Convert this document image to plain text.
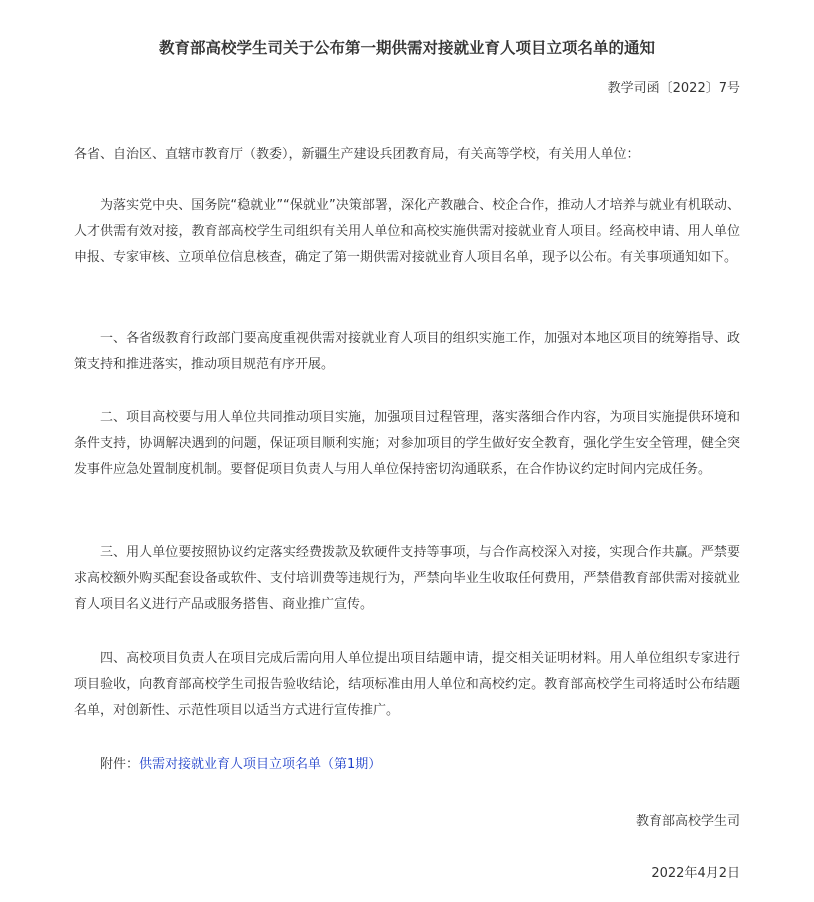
教育部高校学生司关于公布第一期供需对接就业育人项目立项名单的通知
教学司函〔2022〕7号
各省、自治区、直辖市教育厅（教委），新疆生产建设兵团教育局，有关高等学校，有关用人单位：
为落实党中央、国务院“稳就业”“保就业”决策部署，深化产教融合、校企合作，推动人才培养与就业有机联动、人才供需有效对接，教育部高校学生司组织有关用人单位和高校实施供需对接就业育人项目。经高校申请、用人单位申报、专家审核、立项单位信息核查，确定了第一期供需对接就业育人项目名单，现予以公布。有关事项通知如下。
一、各省级教育行政部门要高度重视供需对接就业育人项目的组织实施工作，加强对本地区项目的统筹指导、政策支持和推进落实，推动项目规范有序开展。
二、项目高校要与用人单位共同推动项目实施，加强项目过程管理，落实落细合作内容，为项目实施提供环境和条件支持，协调解决遇到的问题，保证项目顺利实施；对参加项目的学生做好安全教育，强化学生安全管理，健全突发事件应急处置制度机制。要督促项目负责人与用人单位保持密切沟通联系，在合作协议约定时间内完成任务。
三、用人单位要按照协议约定落实经费拨款及软硬件支持等事项，与合作高校深入对接，实现合作共赢。严禁要求高校额外购买配套设备或软件、支付培训费等违规行为，严禁向毕业生收取任何费用，严禁借教育部供需对接就业育人项目名义进行产品或服务搭售、商业推广宣传。
四、高校项目负责人在项目完成后需向用人单位提出项目结题申请，提交相关证明材料。用人单位组织专家进行项目验收，向教育部高校学生司报告验收结论，结项标准由用人单位和高校约定。教育部高校学生司将适时公布结题名单，对创新性、示范性项目以适当方式进行宣传推广。
附件：供需对接就业育人项目立项名单（第1期）
教育部高校学生司
2022年4月2日
